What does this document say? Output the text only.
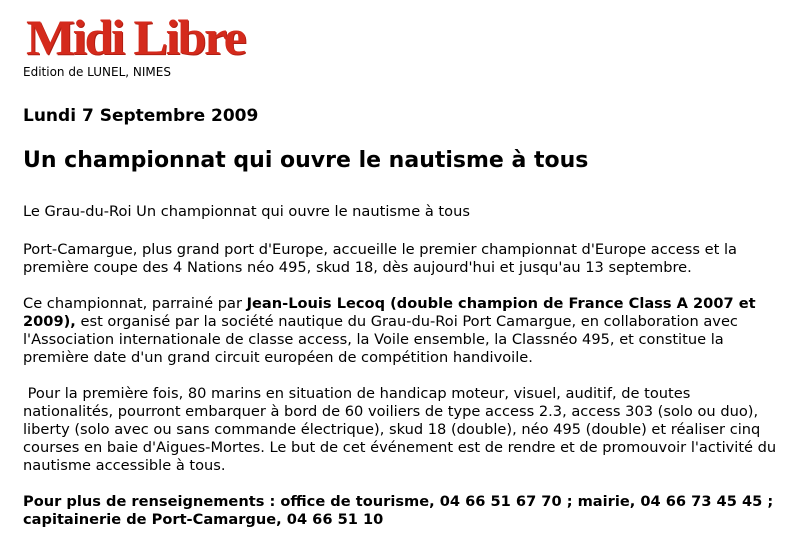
Midi Libre
Edition de LUNEL, NIMES
Lundi 7 Septembre 2009
Un championnat qui ouvre le nautisme à tous

Le Grau-du-Roi Un championnat qui ouvre le nautisme à tous

Port-Camargue, plus grand port d'Europe, accueille le premier championnat d'Europe access et la première coupe des 4 Nations néo 495, skud 18, dès aujourd'hui et jusqu'au 13 septembre.

Ce championnat, parrainé par Jean-Louis Lecoq (double champion de France Class A 2007 et 2009), est organisé par la société nautique du Grau-du-Roi Port Camargue, en collaboration avec l'Association internationale de classe access, la Voile ensemble, la Classnéo 495, et constitue la première date d'un grand circuit européen de compétition handivoile.

Pour la première fois, 80 marins en situation de handicap moteur, visuel, auditif, de toutes nationalités, pourront embarquer à bord de 60 voiliers de type access 2.3, access 303 (solo ou duo), liberty (solo avec ou sans commande électrique), skud 18 (double), néo 495 (double) et réaliser cinq courses en baie d'Aigues-Mortes. Le but de cet événement est de rendre et de promouvoir l'activité du nautisme accessible à tous.

Pour plus de renseignements : office de tourisme, 04 66 51 67 70 ; mairie, 04 66 73 45 45 ; capitainerie de Port-Camargue, 04 66 51 10
